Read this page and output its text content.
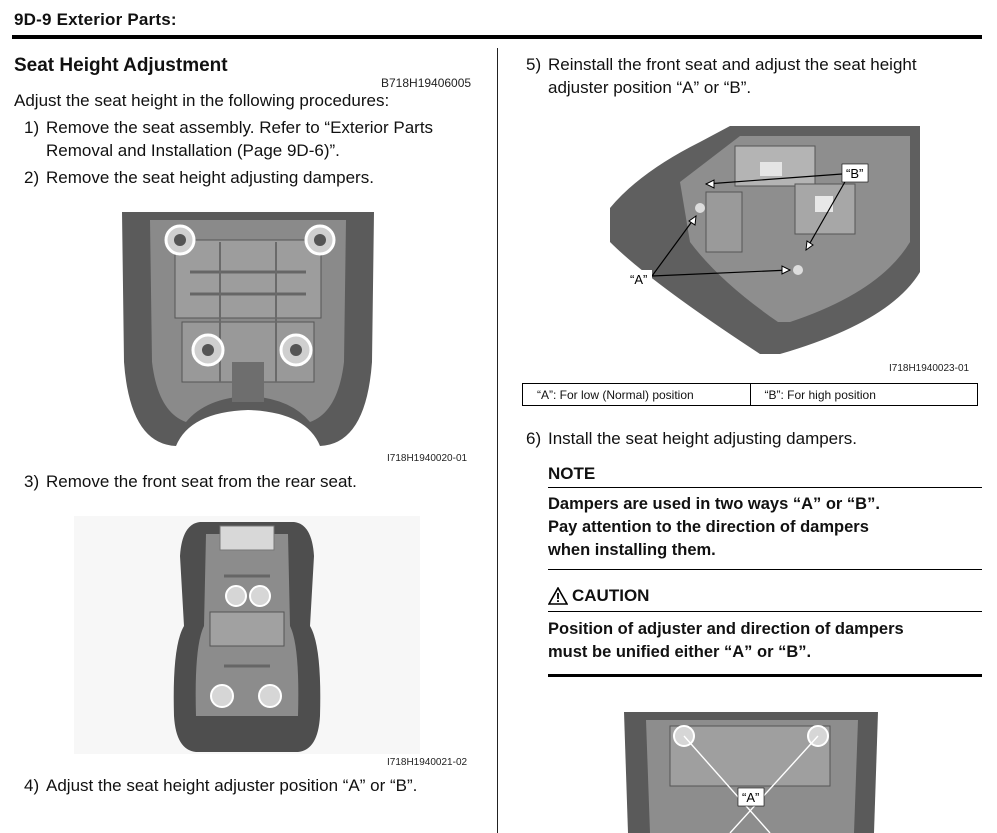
9D-9 Exterior Parts:
Seat Height Adjustment
B718H19406005
Adjust the seat height in the following procedures:
1) Remove the seat assembly. Refer to “Exterior Parts
Removal and Installation (Page 9D-6)”.
2) Remove the seat height adjusting dampers.
I718H1940020-01
3) Remove the front seat from the rear seat.
I718H1940021-02
4) Adjust the seat height adjuster position “A” or “B”.
5) Reinstall the front seat and adjust the seat height
adjuster position “A” or “B”.
“B”
“A”
I718H1940023-01
“A”: For low (Normal) position	“B”: For high position
6) Install the seat height adjusting dampers.
NOTE
Dampers are used in two ways “A” or “B”.
Pay attention to the direction of dampers
when installing them.
CAUTION
Position of adjuster and direction of dampers
must be unified either “A” or “B”.
“A”
